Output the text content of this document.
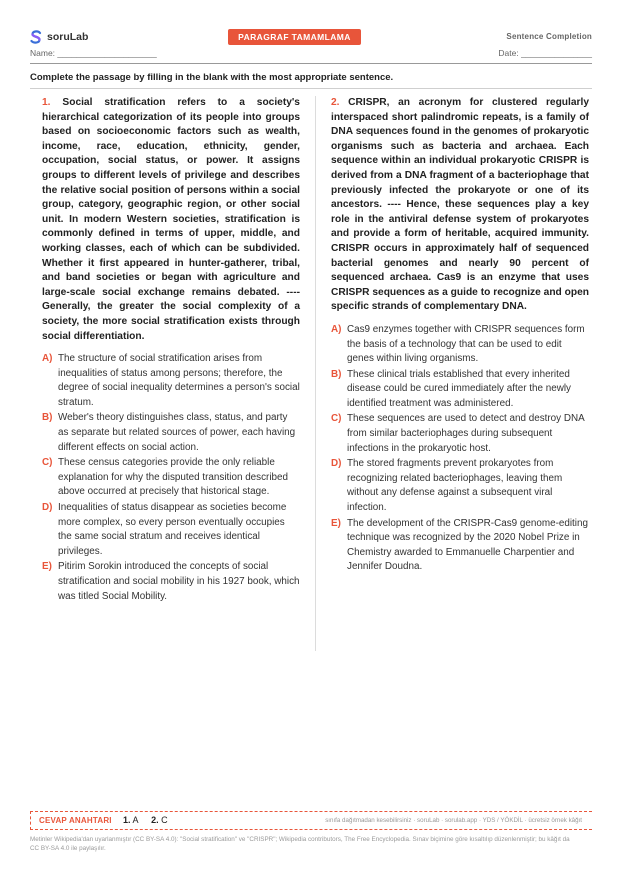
soruLab	PARAGRAF TAMAMLAMA	Sentence Completion
Name: _____________________	Date: _______________
Complete the passage by filling in the blank with the most appropriate sentence.

1. Social stratification refers to a society's hierarchical categorization of its people into groups based on socioeconomic factors such as wealth, income, race, education, ethnicity, gender, occupation, social status, or power. It assigns groups to different levels of privilege and describes the relative social position of persons within a social group, category, geographic region, or other social unit. In modern Western societies, stratification is commonly defined in terms of upper, middle, and working classes, each of which can be subdivided. Whether it first appeared in hunter-gatherer, tribal, and band societies or began with agriculture and large-scale social exchange remains debated. ---- Generally, the greater the social complexity of a society, the more social stratification exists through social differentiation.

A) The structure of social stratification arises from inequalities of status among persons; therefore, the degree of social inequality determines a person's social stratum.
B) Weber's theory distinguishes class, status, and party as separate but related sources of power, each having different effects on social action.
C) These census categories provide the only reliable explanation for why the disputed transition described above occurred at precisely that historical stage.
D) Inequalities of status disappear as societies become more complex, so every person eventually occupies the same social stratum and receives identical privileges.
E) Pitirim Sorokin introduced the concepts of social stratification and social mobility in his 1927 book, which was titled Social Mobility.

2. CRISPR, an acronym for clustered regularly interspaced short palindromic repeats, is a family of DNA sequences found in the genomes of prokaryotic organisms such as bacteria and archaea. Each sequence within an individual prokaryotic CRISPR is derived from a DNA fragment of a bacteriophage that previously infected the prokaryote or one of its ancestors. ---- Hence, these sequences play a key role in the antiviral defense system of prokaryotes and provide a form of heritable, acquired immunity. CRISPR occurs in approximately half of sequenced bacterial genomes and nearly 90 percent of sequenced archaea. Cas9 is an enzyme that uses CRISPR sequences as a guide to recognize and open specific strands of complementary DNA.

A) Cas9 enzymes together with CRISPR sequences form the basis of a technology that can be used to edit genes within living organisms.
B) These clinical trials established that every inherited disease could be cured immediately after the newly identified treatment was administered.
C) These sequences are used to detect and destroy DNA from similar bacteriophages during subsequent infections in the prokaryotic host.
D) The stored fragments prevent prokaryotes from recognizing related bacteriophages, leaving them without any defense against a subsequent viral infection.
E) The development of the CRISPR-Cas9 genome-editing technique was recognized by the 2020 Nobel Prize in Chemistry awarded to Emmanuelle Charpentier and Jennifer Doudna.
CEVAP ANAHTARI 1. A 2. C	sınıfa dağıtmadan kesebilirsiniz · soruLab · sorulab.app · YDS / YÖKDİL · ücretsiz örnek kâğıt
Metinler Wikipedia'dan uyarlanmıştır (CC BY-SA 4.0): "Social stratification" ve "CRISPR"; Wikipedia contributors, The Free Encyclopedia. Sınav biçimine göre kısaltılıp düzenlenmiştir; bu kâğıt da CC BY-SA 4.0 ile paylaşılır.
